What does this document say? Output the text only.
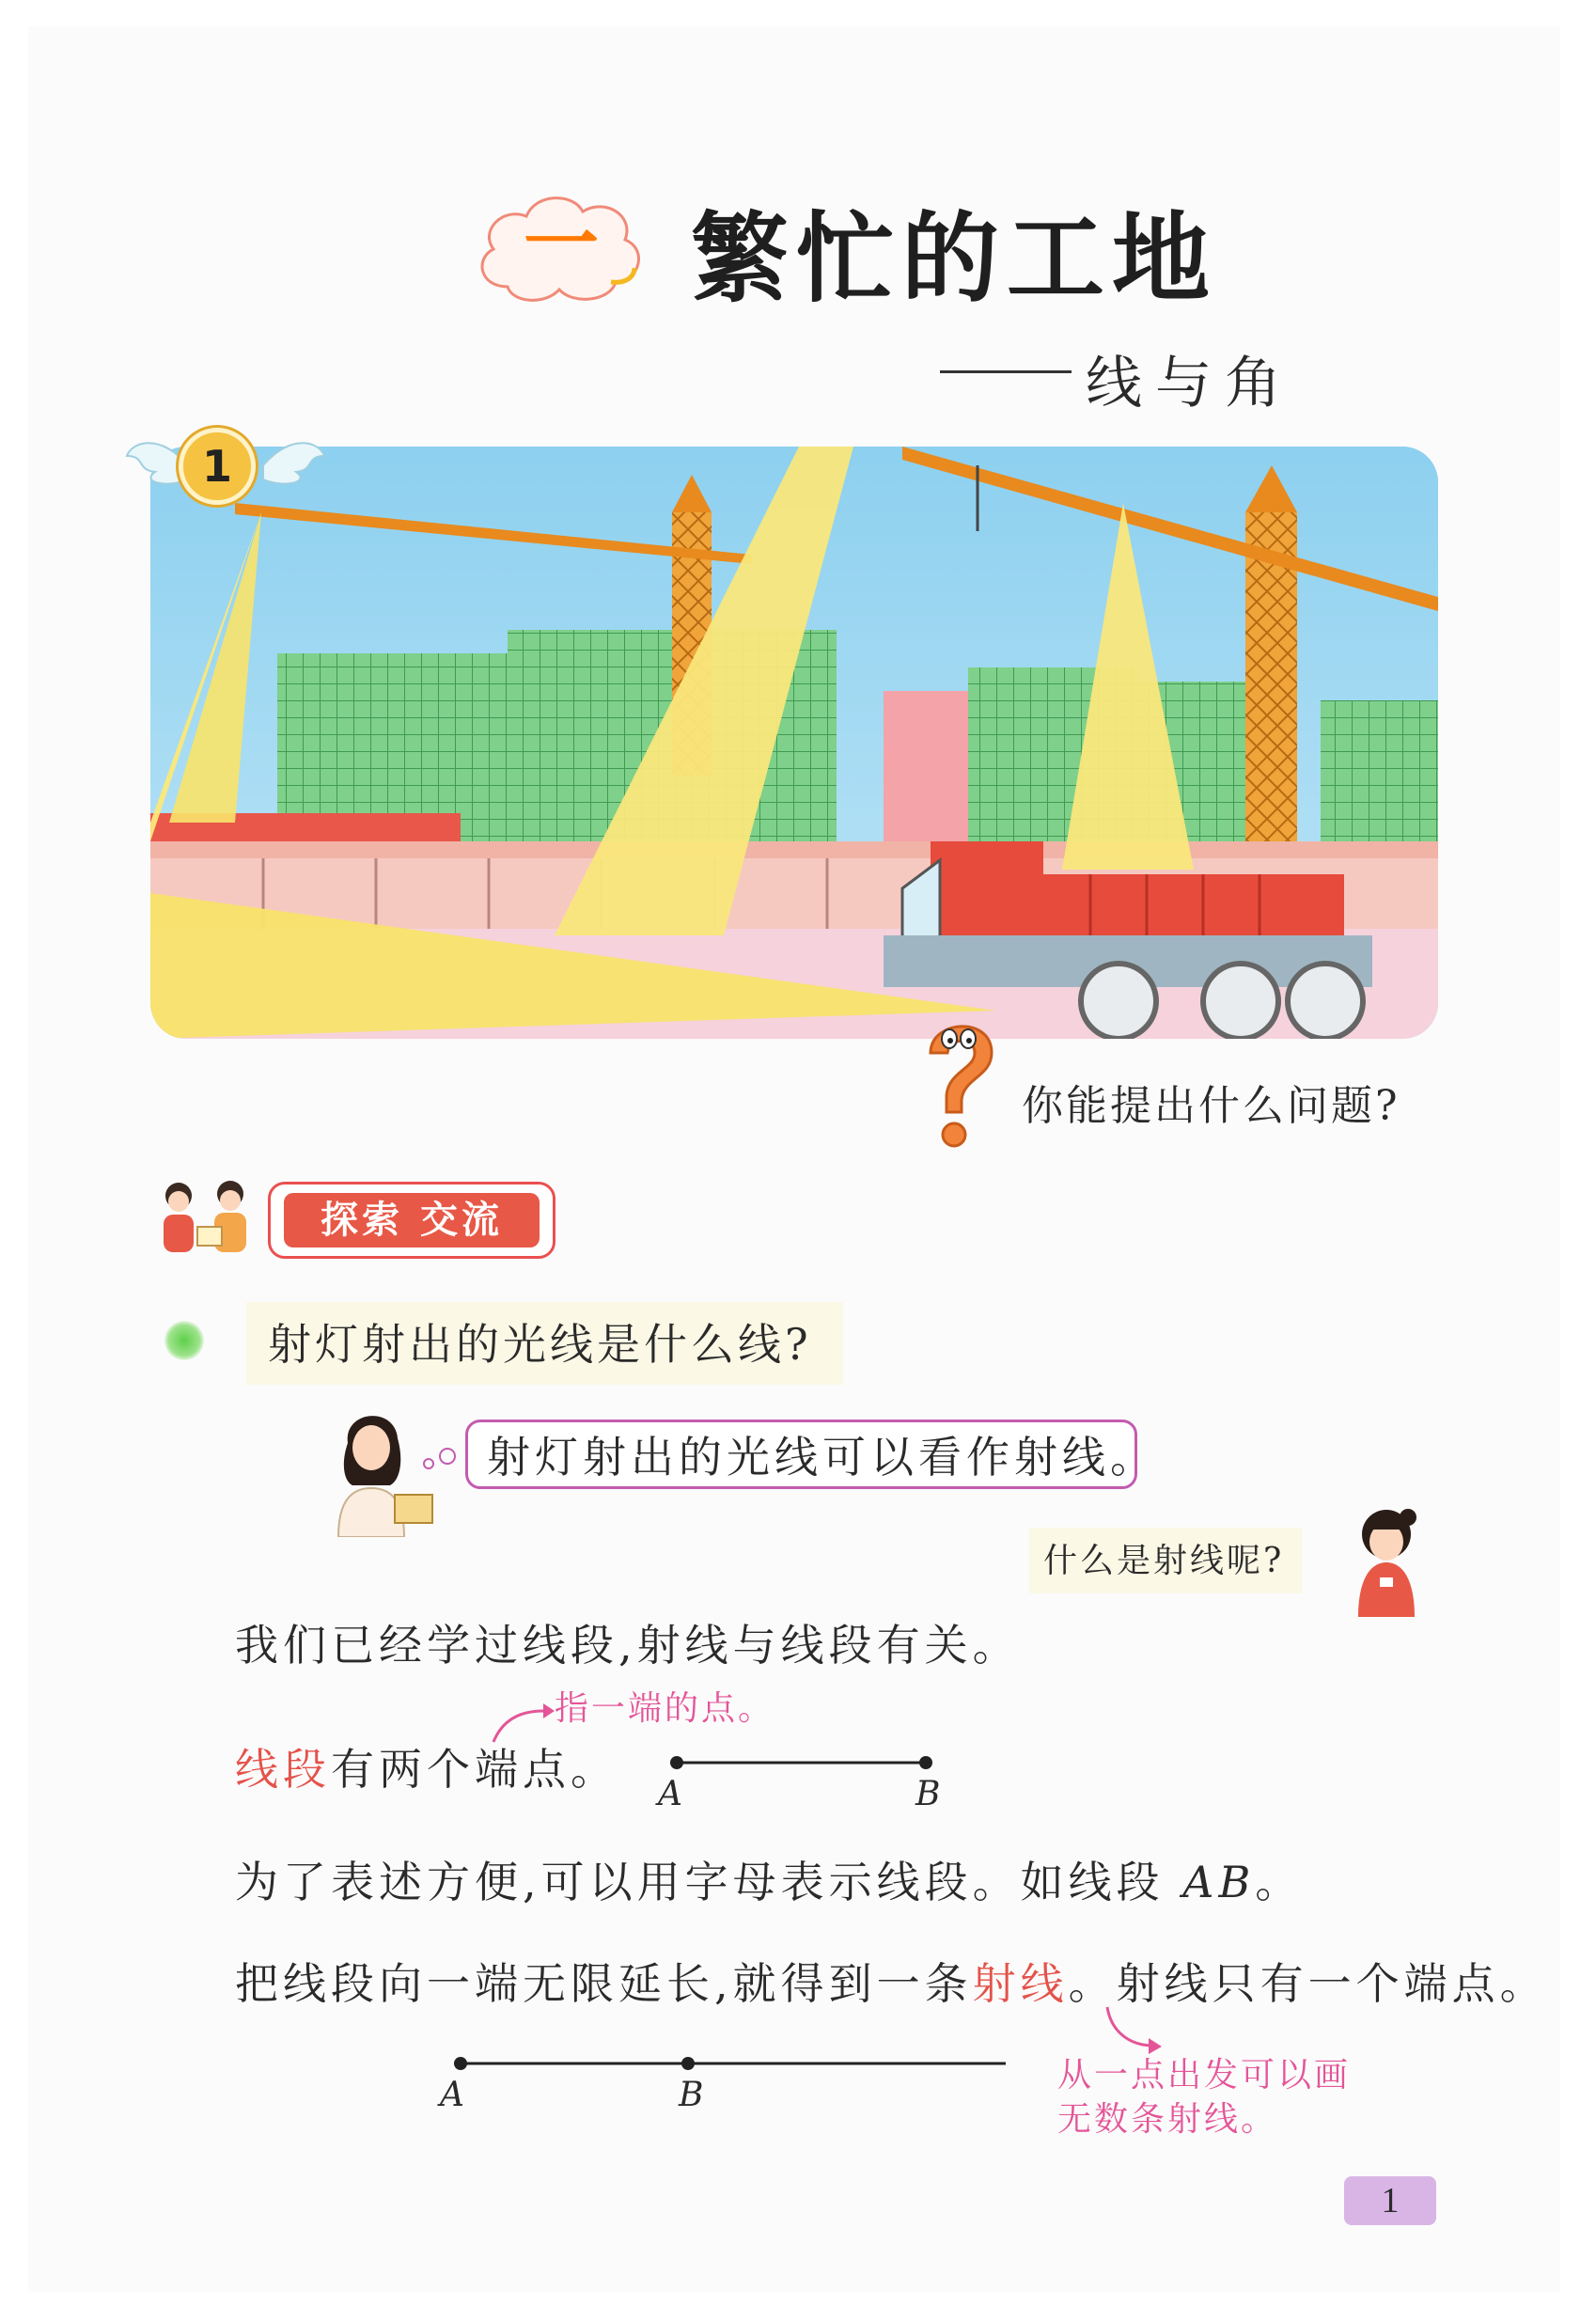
一 繁忙的工地
线与角
1
你能提出什么问题?
探索 交流
射灯射出的光线是什么线?
射灯射出的光线可以看作射线。
什么是射线呢?
我们已经学过线段,射线与线段有关。
指一端的点。
线段有两个端点。 A	B
为了表述方便,可以用字母表示线段。如线段 AB。
把线段向一端无限延长,就得到一条射线。射线只有一个端点。
A	B
从一点出发可以画
无数条射线。
1
